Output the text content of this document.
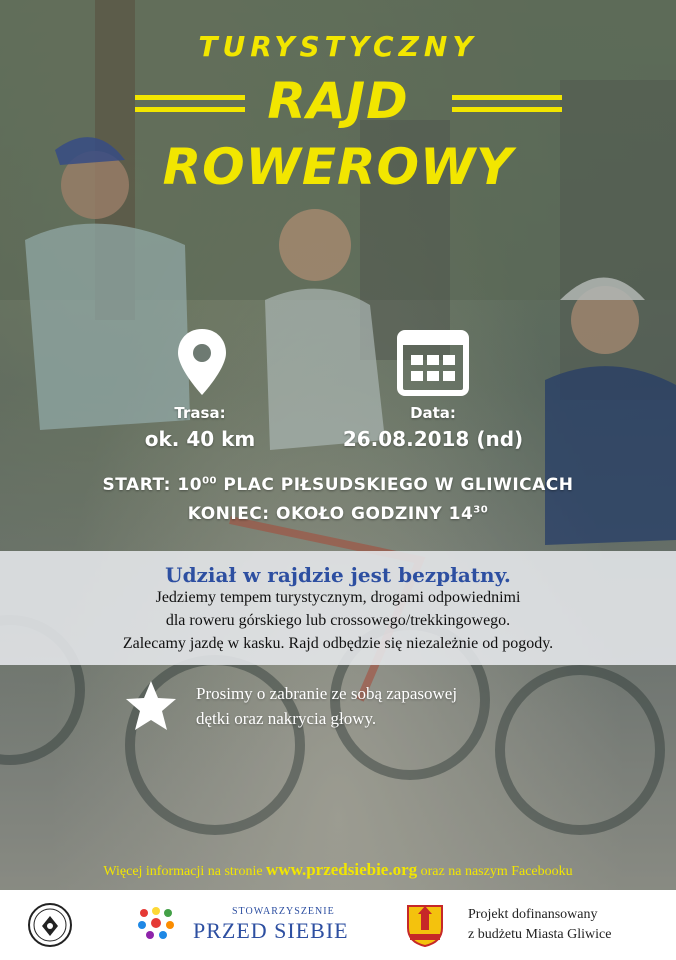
TURYSTYCZNY
RAJD
ROWEROWY
Trasa:
ok. 40 km
Data:
26.08.2018 (nd)
START: $10^{00}$ PLAC PIŁSUDSKIEGO W GLIWICACH
KONIEC: OKOŁO GODZINY $14^{30}$
Udział w rajdzie jest bezpłatny.
Jedziemy tempem turystycznym, drogami odpowiednimi
dla roweru górskiego lub crossowego/trekkingowego.
Zalecamy jazdę w kasku. Rajd odbędzie się niezależnie od pogody.
Prosimy o zabranie ze sobą zapasowej
dętki oraz nakrycia głowy.
Więcej informacji na stronie www.przedsiebie.org oraz na naszym Facebooku
STOWARZYSZENIE
PRZED SIEBIE
Projekt dofinansowany
z budżetu Miasta Gliwice
